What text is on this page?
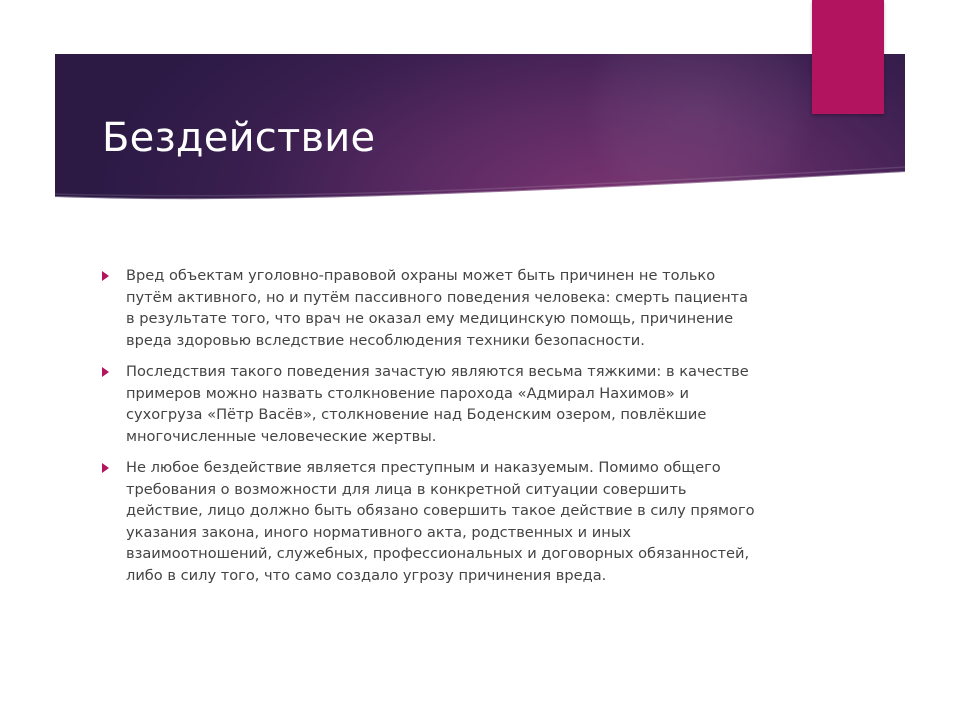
Бездействие
Вред объектам уголовно-правовой охраны может быть причинен не только путём активного, но и путём пассивного поведения человека: смерть пациента в результате того, что врач не оказал ему медицинскую помощь, причинение вреда здоровью вследствие несоблюдения техники безопасности.
Последствия такого поведения зачастую являются весьма тяжкими: в качестве примеров можно назвать столкновение парохода «Адмирал Нахимов» и сухогруза «Пётр Васёв», столкновение над Боденским озером, повлёкшие многочисленные человеческие жертвы.
Не любое бездействие является преступным и наказуемым. Помимо общего требования о возможности для лица в конкретной ситуации совершить действие, лицо должно быть обязано совершить такое действие в силу прямого указания закона, иного нормативного акта, родственных и иных взаимоотношений, служебных, профессиональных и договорных обязанностей, либо в силу того, что само создало угрозу причинения вреда.
